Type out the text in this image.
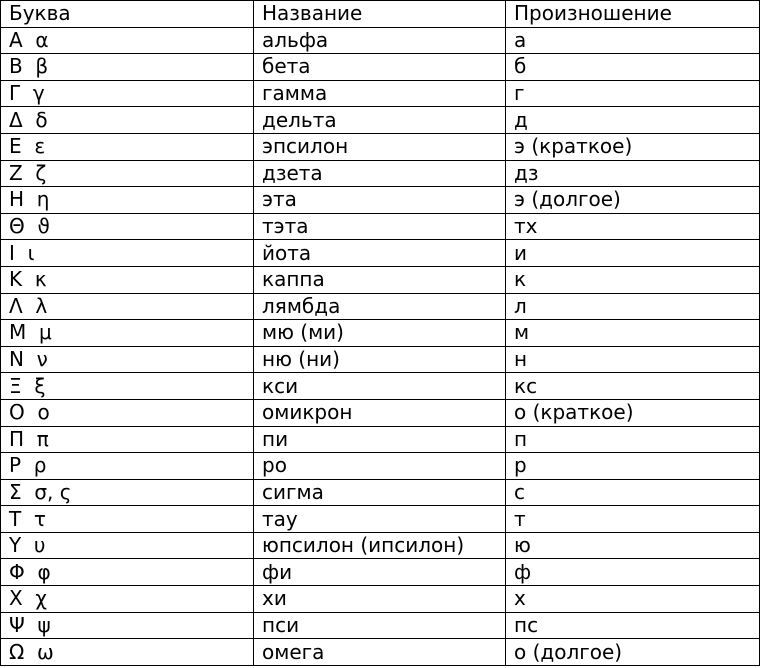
Буква	Название	Произношение
Α  α	альфа	а
Β  β	бета	б
Γ  γ	гамма	г
Δ  δ	дельта	д
Ε  ε	эпсилон	э (краткое)
Ζ  ζ	дзета	дз
Η  η	эта	э (долгое)
Θ  ϑ	тэта	тх
Ι  ι	йота	и
Κ  κ	каппа	к
Λ  λ	лямбда	л
Μ  μ	мю (ми)	м
Ν  ν	ню (ни)	н
Ξ  ξ	кси	кс
Ο  ο	омикрон	о (краткое)
Π  π	пи	п
Ρ  ρ	ро	р
Σ  σ, ς	сигма	с
Τ  τ	тау	т
Υ  υ	юпсилон (ипсилон)	ю
Φ  φ	фи	ф
Χ  χ	хи	х
Ψ  ψ	пси	пс
Ω  ω	омега	о (долгое)
